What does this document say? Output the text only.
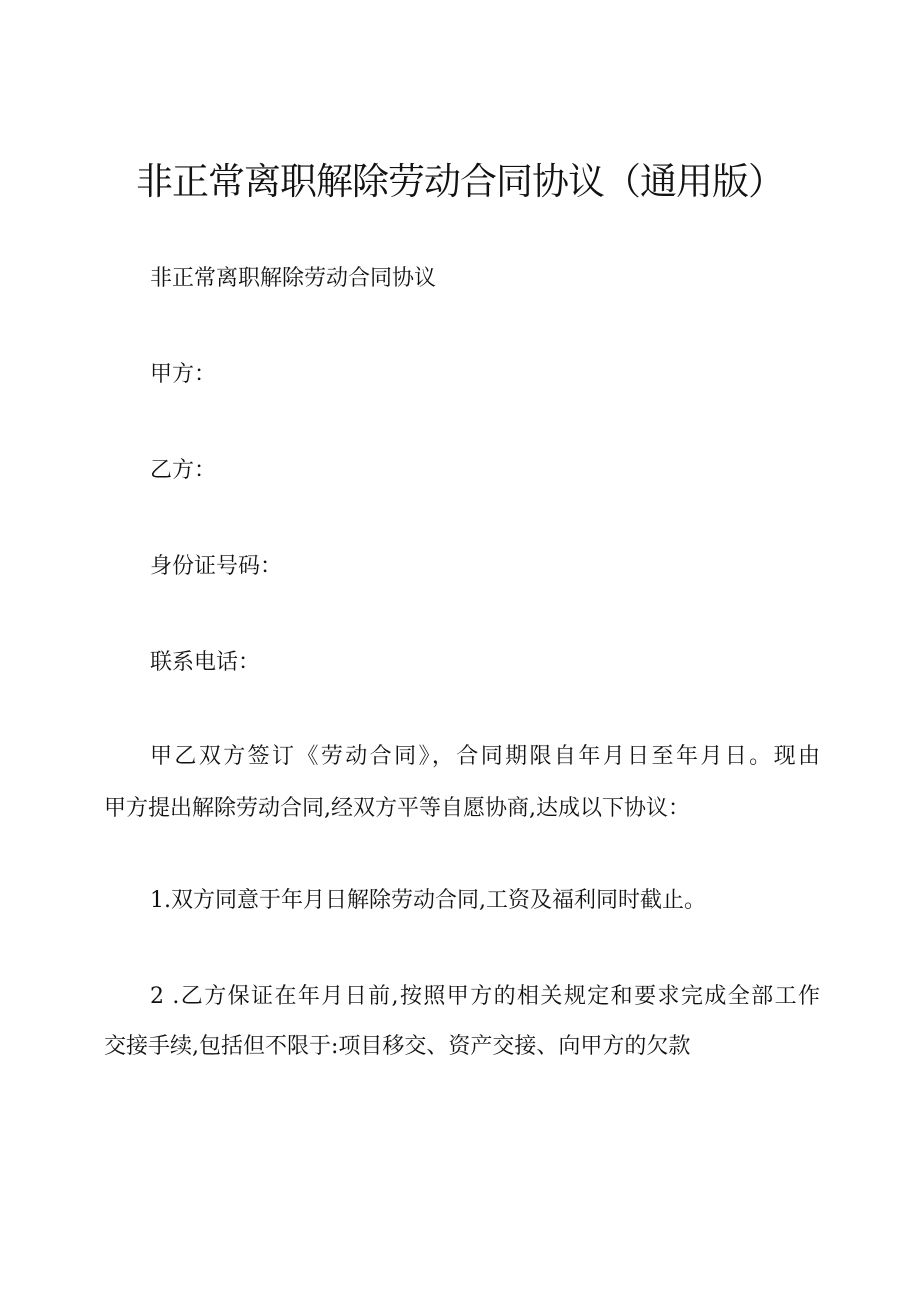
非正常离职解除劳动合同协议（通用版）
非正常离职解除劳动合同协议
甲方：
乙方：
身份证号码：
联系电话：
甲乙双方签订《劳动合同》，合同期限自年月日至年月日。现由
甲方提出解除劳动合同,经双方平等自愿协商,达成以下协议：
1.双方同意于年月日解除劳动合同,工资及福利同时截止。
2 .乙方保证在年月日前,按照甲方的相关规定和要求完成全部工作
交接手续,包括但不限于:项目移交、资产交接、向甲方的欠款
